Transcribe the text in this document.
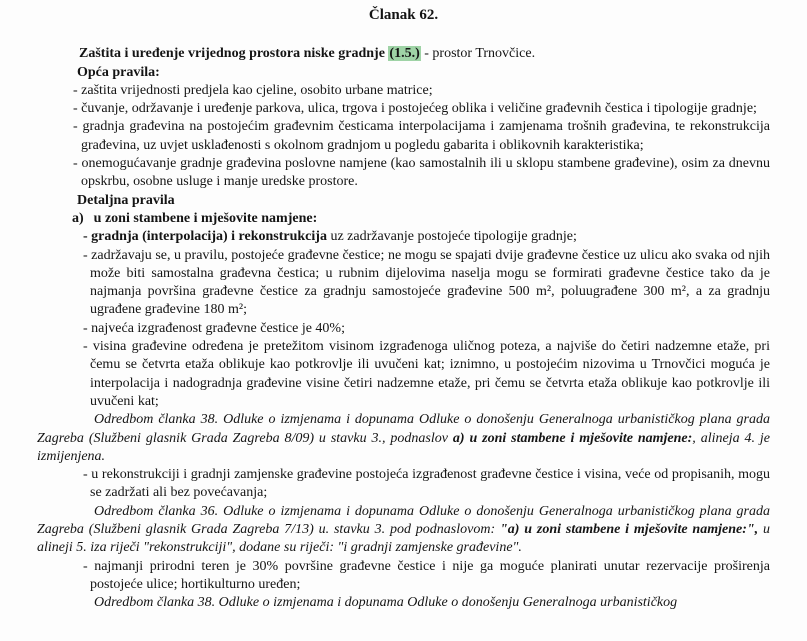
Članak 62.

Zaštita i uređenje vrijednog prostora niske gradnje (1.5.) - prostor Trnovčice.

Opća pravila:

- zaštita vrijednosti predjela kao cjeline, osobito urbane matrice;

- čuvanje, održavanje i uređenje parkova, ulica, trgova i postojećeg oblika i veličine građevnih čestica i tipologije gradnje;

- gradnja građevina na postojećim građevnim česticama interpolacijama i zamjenama trošnih građevina, te rekonstrukcija građevina, uz uvjet usklađenosti s okolnom gradnjom u pogledu gabarita i oblikovnih karakteristika;

- onemogućavanje gradnje građevina poslovne namjene (kao samostalnih ili u sklopu stambene građevine), osim za dnevnu opskrbu, osobne usluge i manje uredske prostore.

Detaljna pravila

a) u zoni stambene i mješovite namjene:

- gradnja (interpolacija) i rekonstrukcija uz zadržavanje postojeće tipologije gradnje;

- zadržavaju se, u pravilu, postojeće građevne čestice; ne mogu se spajati dvije građevne čestice uz ulicu ako svaka od njih može biti samostalna građevna čestica; u rubnim dijelovima naselja mogu se formirati građevne čestice tako da je najmanja površina građevne čestice za gradnju samostojeće građevine 500 m², poluugrađene 300 m², a za gradnju ugrađene građevine 180 m²;

- najveća izgrađenost građevne čestice je 40%;

- visina građevine određena je pretežitom visinom izgrađenoga uličnog poteza, a najviše do četiri nadzemne etaže, pri čemu se četvrta etaža oblikuje kao potkrovlje ili uvučeni kat; iznimno, u postojećim nizovima u Trnovčici moguća je interpolacija i nadogradnja građevine visine četiri nadzemne etaže, pri čemu se četvrta etaža oblikuje kao potkrovlje ili uvučeni kat;

Odredbom članka 38. Odluke o izmjenama i dopunama Odluke o donošenju Generalnoga urbanističkog plana grada Zagreba (Službeni glasnik Grada Zagreba 8/09) u stavku 3., podnaslov a) u zoni stambene i mješovite namjene:, alineja 4. je izmijenjena.

- u rekonstrukciji i gradnji zamjenske građevine postojeća izgrađenost građevne čestice i visina, veće od propisanih, mogu se zadržati ali bez povećavanja;

Odredbom članka 36. Odluke o izmjenama i dopunama Odluke o donošenju Generalnoga urbanističkog plana grada Zagreba (Službeni glasnik Grada Zagreba 7/13) u. stavku 3. pod podnaslovom: "a) u zoni stambene i mješovite namjene:", u alineji 5. iza riječi "rekonstrukciji", dodane su riječi: "i gradnji zamjenske građevine".

- najmanji prirodni teren je 30% površine građevne čestice i nije ga moguće planirati unutar rezervacije proširenja postojeće ulice; hortikulturno uređen;

Odredbom članka 38. Odluke o izmjenama i dopunama Odluke o donošenju Generalnoga urbanističkog
